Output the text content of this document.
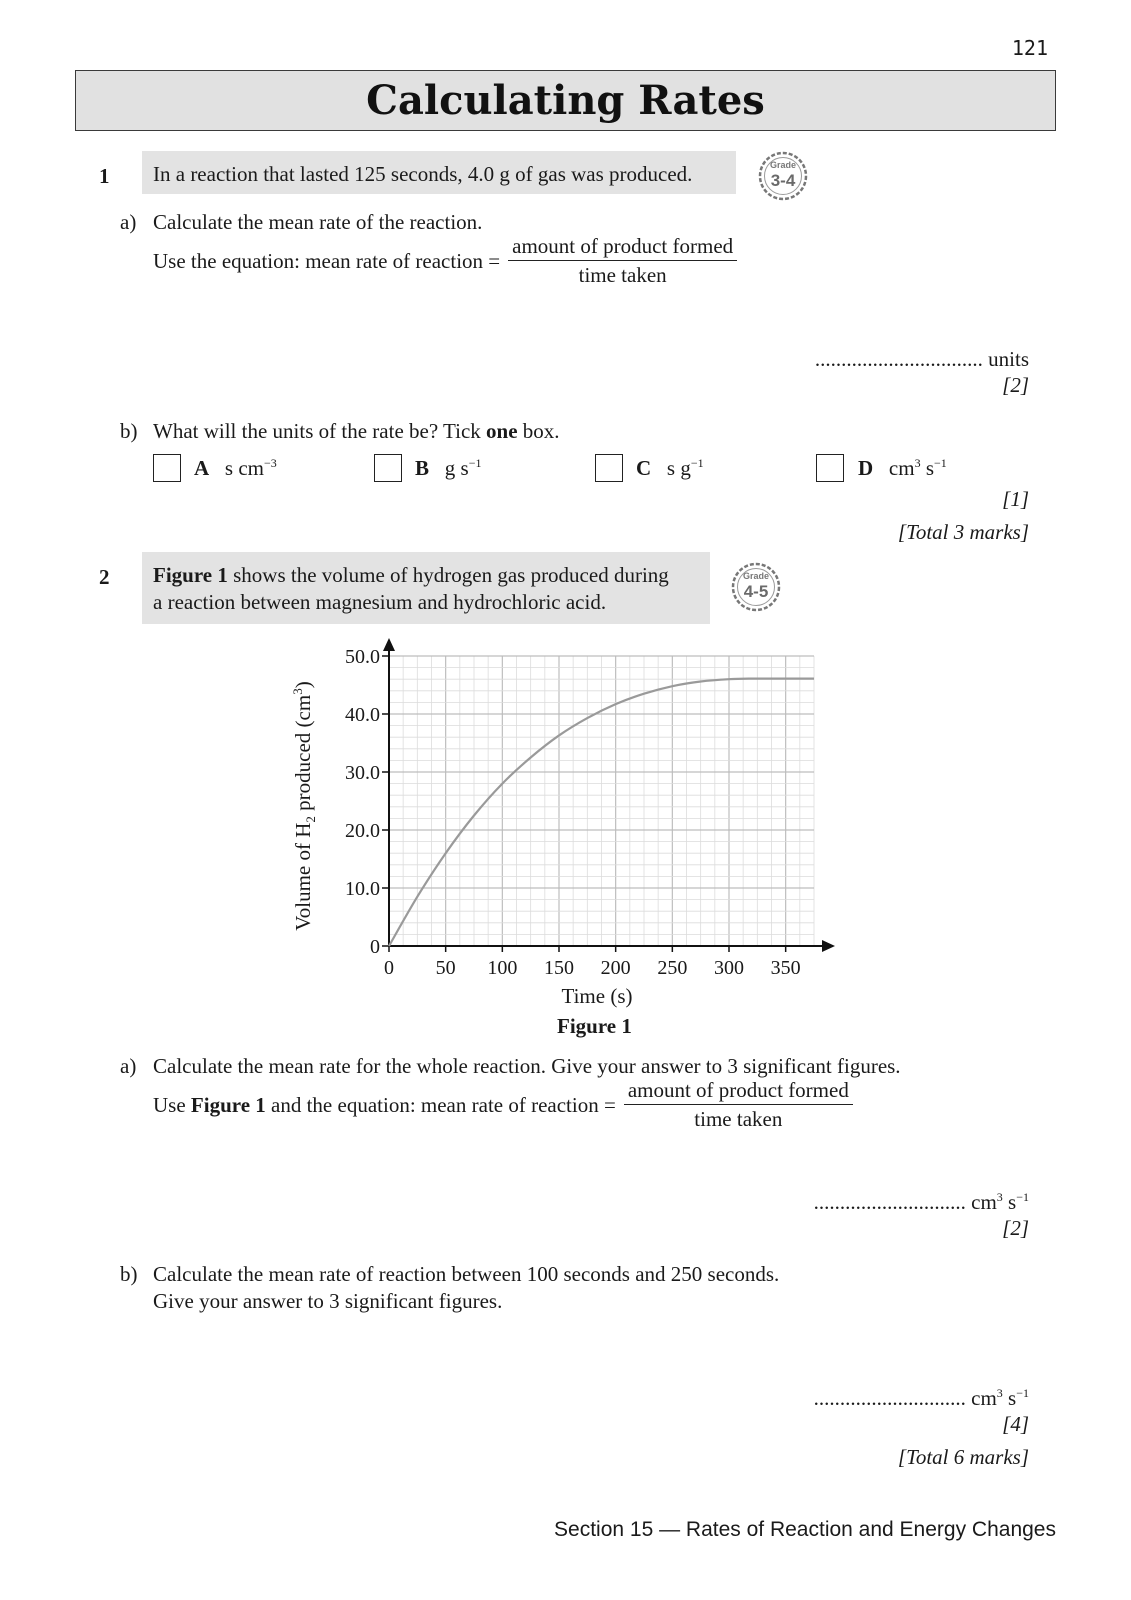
121
Calculating Rates
1 In a reaction that lasted 125 seconds, 4.0 g of gas was produced.	Grade
3-4
a) Calculate the mean rate of the reaction.
Use the equation: mean rate of reaction = $\frac{\text{amount of product formed}}{\text{time taken}}$
................................ units
[2]
b) What will the units of the rate be? Tick one box.
A s $cm^{-3}$	B g $s^{-1}$	C s $g^{-1}$	D $cm^3$ $s^{-1}$
[1]
[Total 3 marks]
2 Figure 1 shows the volume of hydrogen gas produced during
a reaction between magnesium and hydrochloric acid.
Grade
4-5
0 50 100 150 200 250 300 350
0
10.0
20.0
30.0
40.0
50.0
Time (s)
Volume of $H_2$ produced $(cm^3)$
Figure 1
a) Calculate the mean rate for the whole reaction. Give your answer to 3 significant figures.
Use Figure 1 and the equation: mean rate of reaction = $\frac{\text{amount of product formed}}{\text{time taken}}$
............................. $cm^3$ $s^{-1}$
[2]
b) Calculate the mean rate of reaction between 100 seconds and 250 seconds.
Give your answer to 3 significant figures.
............................. $cm^3$ $s^{-1}$
[4]
[Total 6 marks]
Section 15 — Rates of Reaction and Energy Changes
